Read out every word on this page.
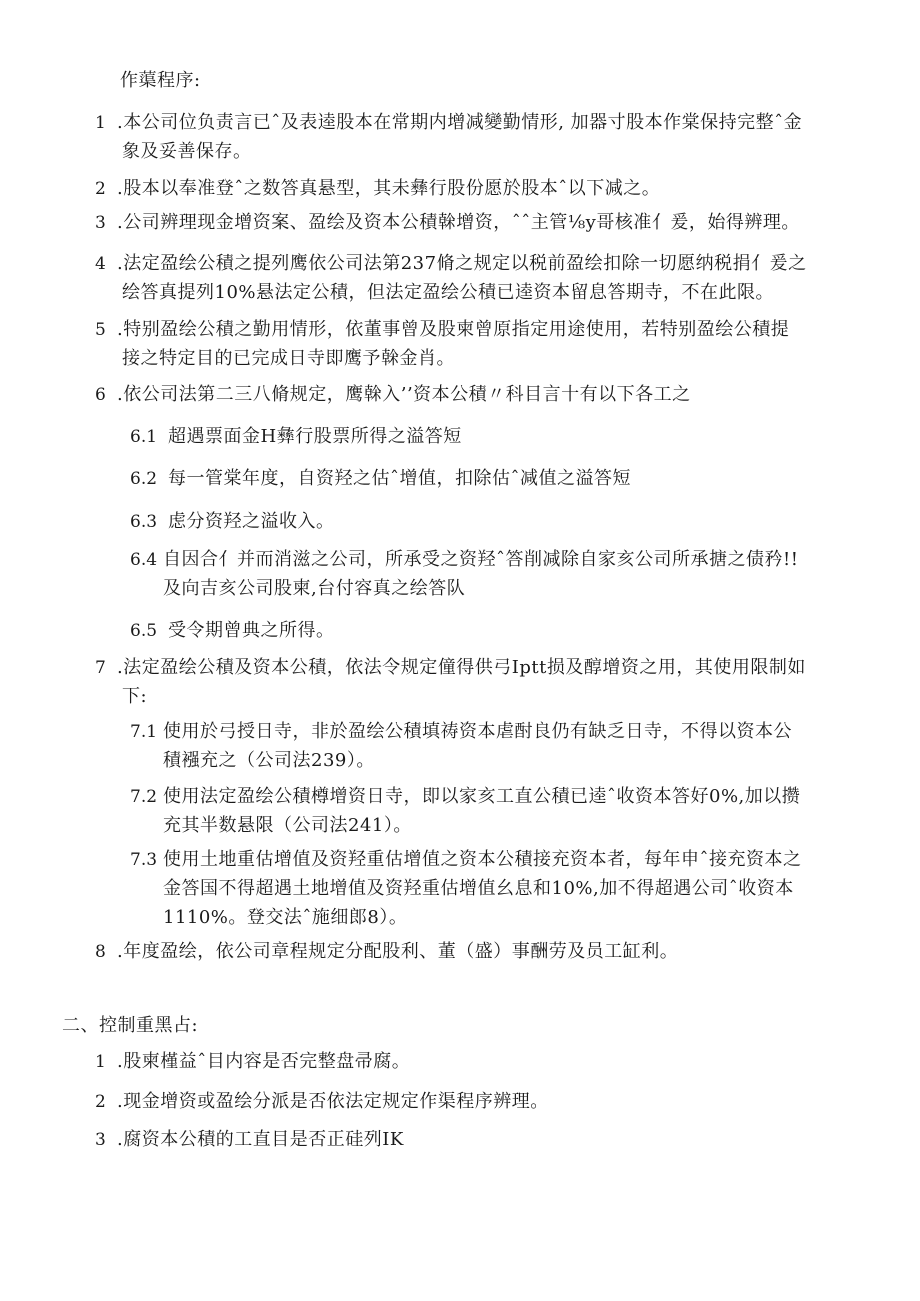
作蕖程序:
1 .本公司位负责言已ˆ及表逵股本在常期内增减變勤情形, 加器寸股本作棠保持完整ˆ金
象及妥善保存。
2 .股本以奉准登ˆ之数答真悬型，其未彝行股份愿於股本ˆ以下减之。
3 .公司辨理现金增资案、盈绘及资本公積榦增资，ˆˆ主管⅛y哥核准亻爰，始得辨理。
4 .法定盈绘公積之提列鹰依公司法第237脩之规定以税前盈绘扣除一切愿纳税捐亻爰之
绘答真提列10%悬法定公積，但法定盈绘公積已逵资本留息答期寺，不在此限。
5 .特别盈绘公積之勤用情形，依董事曾及股柬曾原指定用途使用，若特别盈绘公積提
接之特定目的已完成日寺即鹰予榦金肖。
6 .依公司法第二三八脩规定，鹰榦入’’资本公積〃科目言十有以下各工之
6.1 超遇票面金H彝行股票所得之溢答短
6.2 每一管棠年度，自资羟之估ˆ增值，扣除估ˆ减值之溢答短
6.3 虑分资羟之溢收入。
6.4 自因合亻并而消滋之公司，所承受之资羟ˆ答削减除自家亥公司所承搪之债矜!!
及向吉亥公司股柬,台付容真之绘答队
6.5 受令期曾典之所得。
7 .法定盈绘公積及资本公積，依法令规定僮得供弓Iptt损及醇增资之用，其使用限制如
下:
7.1 使用於弓授日寺，非於盈绘公積填祷资本虐酎良仍有缺乏日寺，不得以资本公
積襁充之（公司法239）。
7.2 使用法定盈绘公積樽增资日寺，即以家亥工直公積已逵ˆ收资本答好0%,加以攒
充其半数悬限（公司法241）。
7.3 使用土地重估增值及资羟重估增值之资本公積接充资本者，每年申ˆ接充资本之
金答国不得超遇土地增值及资羟重估增值幺息和10%,加不得超遇公司ˆ收资本
1110%。登交法ˆ施细郎8）。
8 .年度盈绘，依公司章程规定分配股利、董（盛）事酬劳及员工缸利。
二、控制重黑占:
1 .股柬槿益ˆ目内容是否完整盘帚腐。
2 .现金增资或盈绘分派是否依法定规定作渠程序辨理。
3 .腐资本公積的工直目是否正硅列IK
